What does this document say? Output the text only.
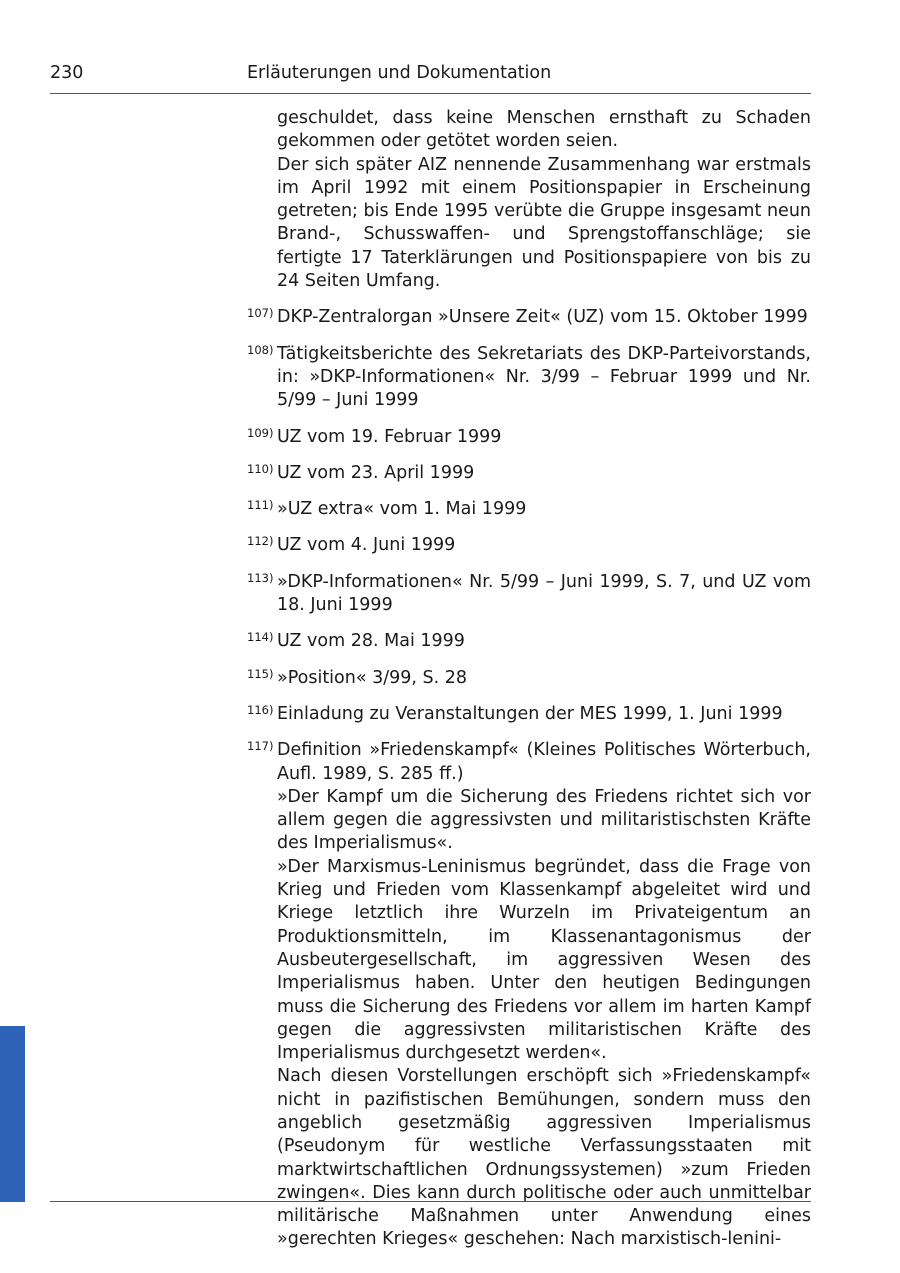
230	Erläuterungen und Dokumentation

geschuldet, dass keine Menschen ernsthaft zu Schaden gekommen oder getötet worden seien.

Der sich später AIZ nennende Zusammenhang war erstmals im April 1992 mit einem Positionspapier in Erscheinung getreten; bis Ende 1995 verübte die Gruppe insgesamt neun Brand-, Schusswaffen- und Sprengstoffanschläge; sie fertigte 17 Taterklärungen und Positionspapiere von bis zu 24 Seiten Umfang.

107) DKP-Zentralorgan »Unsere Zeit« (UZ) vom 15. Oktober 1999

108) Tätigkeitsberichte des Sekretariats des DKP-Parteivorstands, in: »DKP-Informationen« Nr. 3/99 – Februar 1999 und Nr. 5/99 – Juni 1999

109) UZ vom 19. Februar 1999

110) UZ vom 23. April 1999

111) »UZ extra« vom 1. Mai 1999

112) UZ vom 4. Juni 1999

113) »DKP-Informationen« Nr. 5/99 – Juni 1999, S. 7, und UZ vom 18. Juni 1999

114) UZ vom 28. Mai 1999

115) »Position« 3/99, S. 28

116) Einladung zu Veranstaltungen der MES 1999, 1. Juni 1999

117) Definition »Friedenskampf« (Kleines Politisches Wörterbuch, Aufl. 1989, S. 285 ff.)

»Der Kampf um die Sicherung des Friedens richtet sich vor allem gegen die aggressivsten und militaristischsten Kräfte des Imperialismus«.

»Der Marxismus-Leninismus begründet, dass die Frage von Krieg und Frieden vom Klassenkampf abgeleitet wird und Kriege letztlich ihre Wurzeln im Privateigentum an Produktionsmitteln, im Klassenantagonismus der Ausbeutergesellschaft, im aggressiven Wesen des Imperialismus haben. Unter den heutigen Bedingungen muss die Sicherung des Friedens vor allem im harten Kampf gegen die aggressivsten militaristischen Kräfte des Imperialismus durchgesetzt werden«.

Nach diesen Vorstellungen erschöpft sich »Friedenskampf« nicht in pazifistischen Bemühungen, sondern muss den angeblich gesetzmäßig aggressiven Imperialismus (Pseudonym für westliche Verfassungsstaaten mit marktwirtschaftlichen Ordnungssystemen) »zum Frieden zwingen«. Dies kann durch politische oder auch unmittelbar militärische Maßnahmen unter Anwendung eines »gerechten Krieges« geschehen: Nach marxistisch-lenini-
